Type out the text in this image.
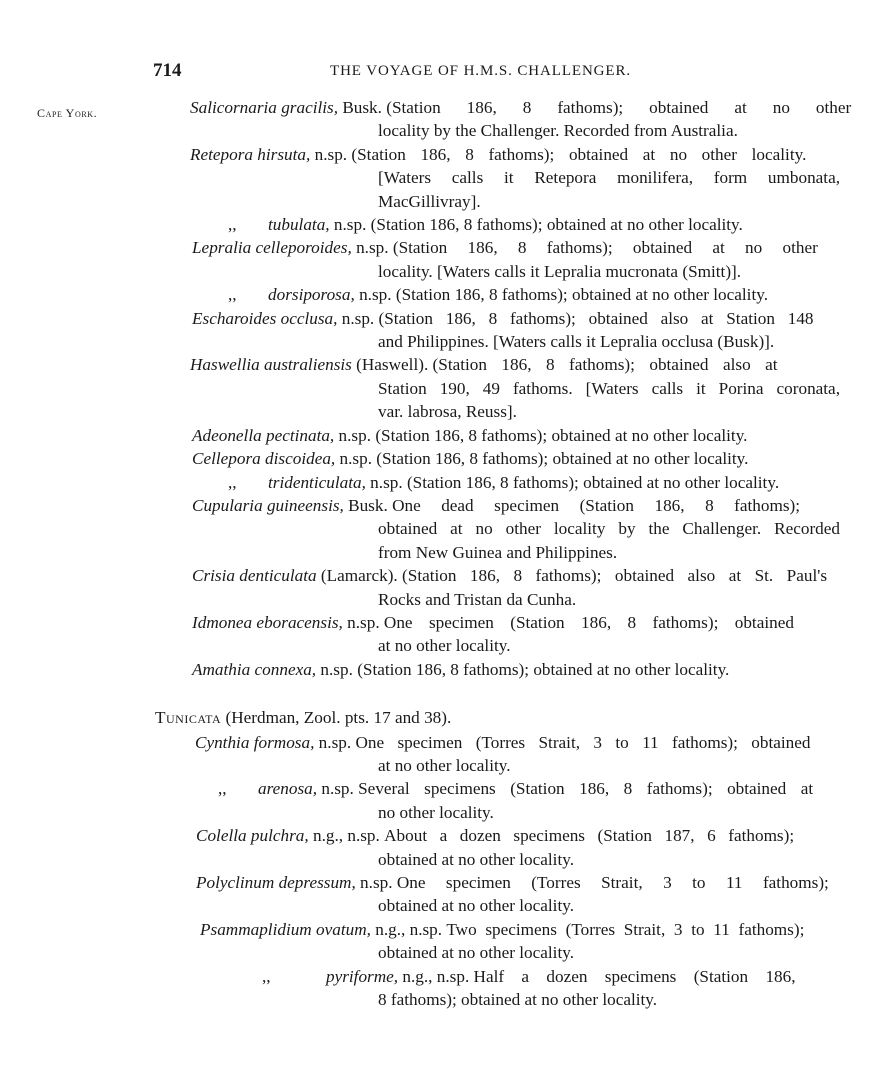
714	THE VOYAGE OF H.M.S. CHALLENGER.
Cape York.	Salicornaria gracilis, Busk. (Station 186, 8 fathoms); obtained at no other
locality by the Challenger. Recorded from Australia.
Retepora hirsuta, n.sp. (Station 186, 8 fathoms); obtained at no other locality.
[Waters calls it Retepora monilifera, form umbonata,
MacGillivray].
,, tubulata, n.sp. (Station 186, 8 fathoms); obtained at no other locality.
Lepralia celleporoides, n.sp. (Station 186, 8 fathoms); obtained at no other
locality. [Waters calls it Lepralia mucronata (Smitt)].
,, dorsiporosa, n.sp. (Station 186, 8 fathoms); obtained at no other locality.
Escharoides occlusa, n.sp. (Station 186, 8 fathoms); obtained also at Station 148
and Philippines. [Waters calls it Lepralia occlusa (Busk)].
Haswellia australiensis (Haswell). (Station 186, 8 fathoms); obtained also at
Station 190, 49 fathoms. [Waters calls it Porina coronata,
var. labrosa, Reuss].
Adeonella pectinata, n.sp. (Station 186, 8 fathoms); obtained at no other locality.
Cellepora discoidea, n.sp. (Station 186, 8 fathoms); obtained at no other locality.
,, tridenticulata, n.sp. (Station 186, 8 fathoms); obtained at no other locality.
Cupularia guineensis, Busk. One dead specimen (Station 186, 8 fathoms);
obtained at no other locality by the Challenger. Recorded
from New Guinea and Philippines.
Crisia denticulata (Lamarck). (Station 186, 8 fathoms); obtained also at St. Paul's
Rocks and Tristan da Cunha.
Idmonea eboracensis, n.sp. One specimen (Station 186, 8 fathoms); obtained
at no other locality.
Amathia connexa, n.sp. (Station 186, 8 fathoms); obtained at no other locality.
Tunicata (Herdman, Zool. pts. 17 and 38).
Cynthia formosa, n.sp. One specimen (Torres Strait, 3 to 11 fathoms); obtained
at no other locality.
,, arenosa, n.sp. Several specimens (Station 186, 8 fathoms); obtained at
no other locality.
Colella pulchra, n.g., n.sp. About a dozen specimens (Station 187, 6 fathoms);
obtained at no other locality.
Polyclinum depressum, n.sp. One specimen (Torres Strait, 3 to 11 fathoms);
obtained at no other locality.
Psammaplidium ovatum, n.g., n.sp. Two specimens (Torres Strait, 3 to 11 fathoms);
obtained at no other locality.
,,	pyriforme, n.g., n.sp. Half a dozen specimens (Station 186,
8 fathoms); obtained at no other locality.
